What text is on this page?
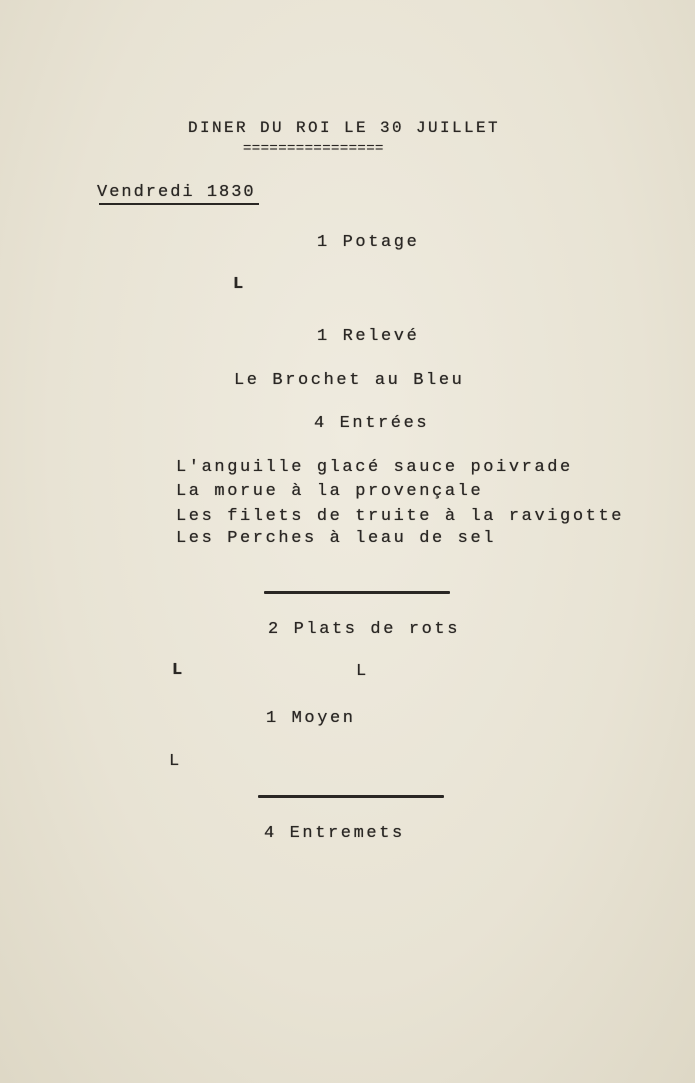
DINER DU ROI LE 30 JUILLET
================
Vendredi 1830
1 Potage
L
1 Relevé
Le Brochet au Bleu
4 Entrées
L'anguille glacé sauce poivrade
La morue à la provençale
Les filets de truite à la ravigotte
Les Perches à leau de sel
2 Plats de rots
L	L
1 Moyen
L
4 Entremets
